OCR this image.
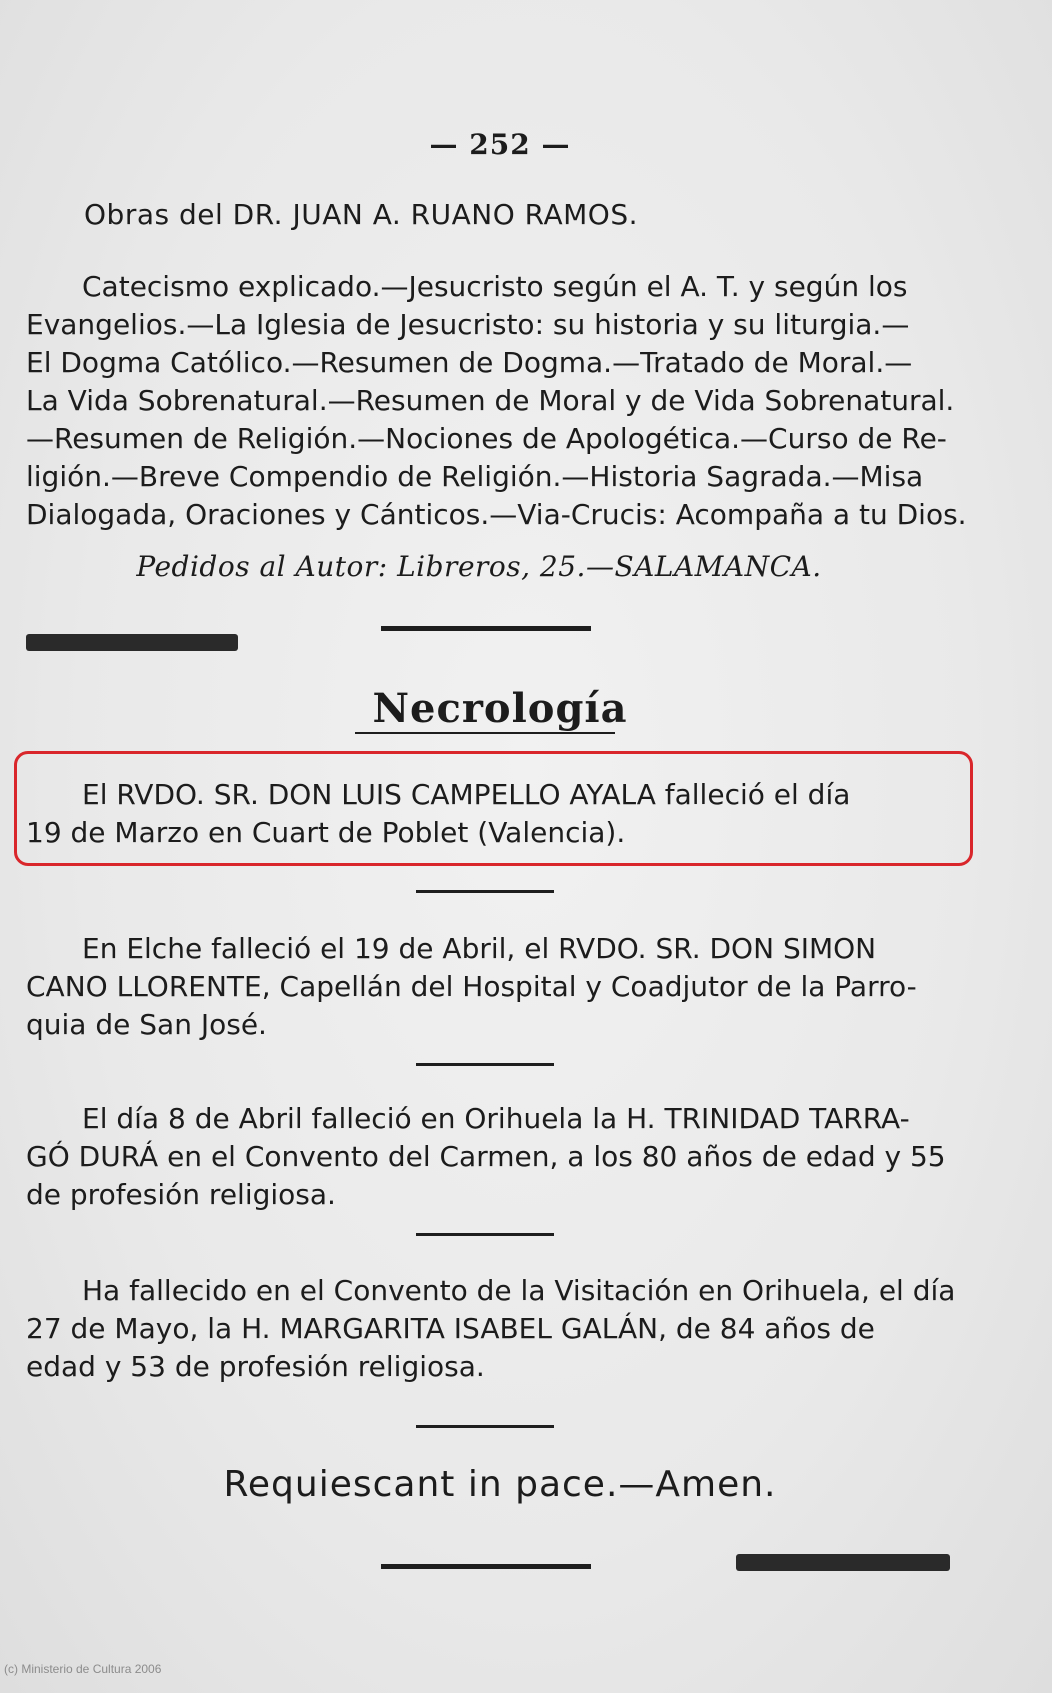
— 252 —
Obras del DR. JUAN A. RUANO RAMOS.
Catecismo explicado.—Jesucristo según el A. T. y según los
Evangelios.—La Iglesia de Jesucristo: su historia y su liturgia.—
El Dogma Católico.—Resumen de Dogma.—Tratado de Moral.—
La Vida Sobrenatural.—Resumen de Moral y de Vida Sobrenatural.
—Resumen de Religión.—Nociones de Apologética.—Curso de Re-
ligión.—Breve Compendio de Religión.—Historia Sagrada.—Misa
Dialogada, Oraciones y Cánticos.—Via-Crucis: Acompaña a tu Dios.
Pedidos al Autor: Libreros, 25.—SALAMANCA.
Necrología
El RVDO. SR. DON LUIS CAMPELLO AYALA falleció el día
19 de Marzo en Cuart de Poblet (Valencia).
En Elche falleció el 19 de Abril, el RVDO. SR. DON SIMON
CANO LLORENTE, Capellán del Hospital y Coadjutor de la Parro-
quia de San José.
El día 8 de Abril falleció en Orihuela la H. TRINIDAD TARRA-
GÓ DURÁ en el Convento del Carmen, a los 80 años de edad y 55
de profesión religiosa.
Ha fallecido en el Convento de la Visitación en Orihuela, el día
27 de Mayo, la H. MARGARITA ISABEL GALÁN, de 84 años de
edad y 53 de profesión religiosa.
Requiescant in pace.—Amen.
(c) Ministerio de Cultura 2006
